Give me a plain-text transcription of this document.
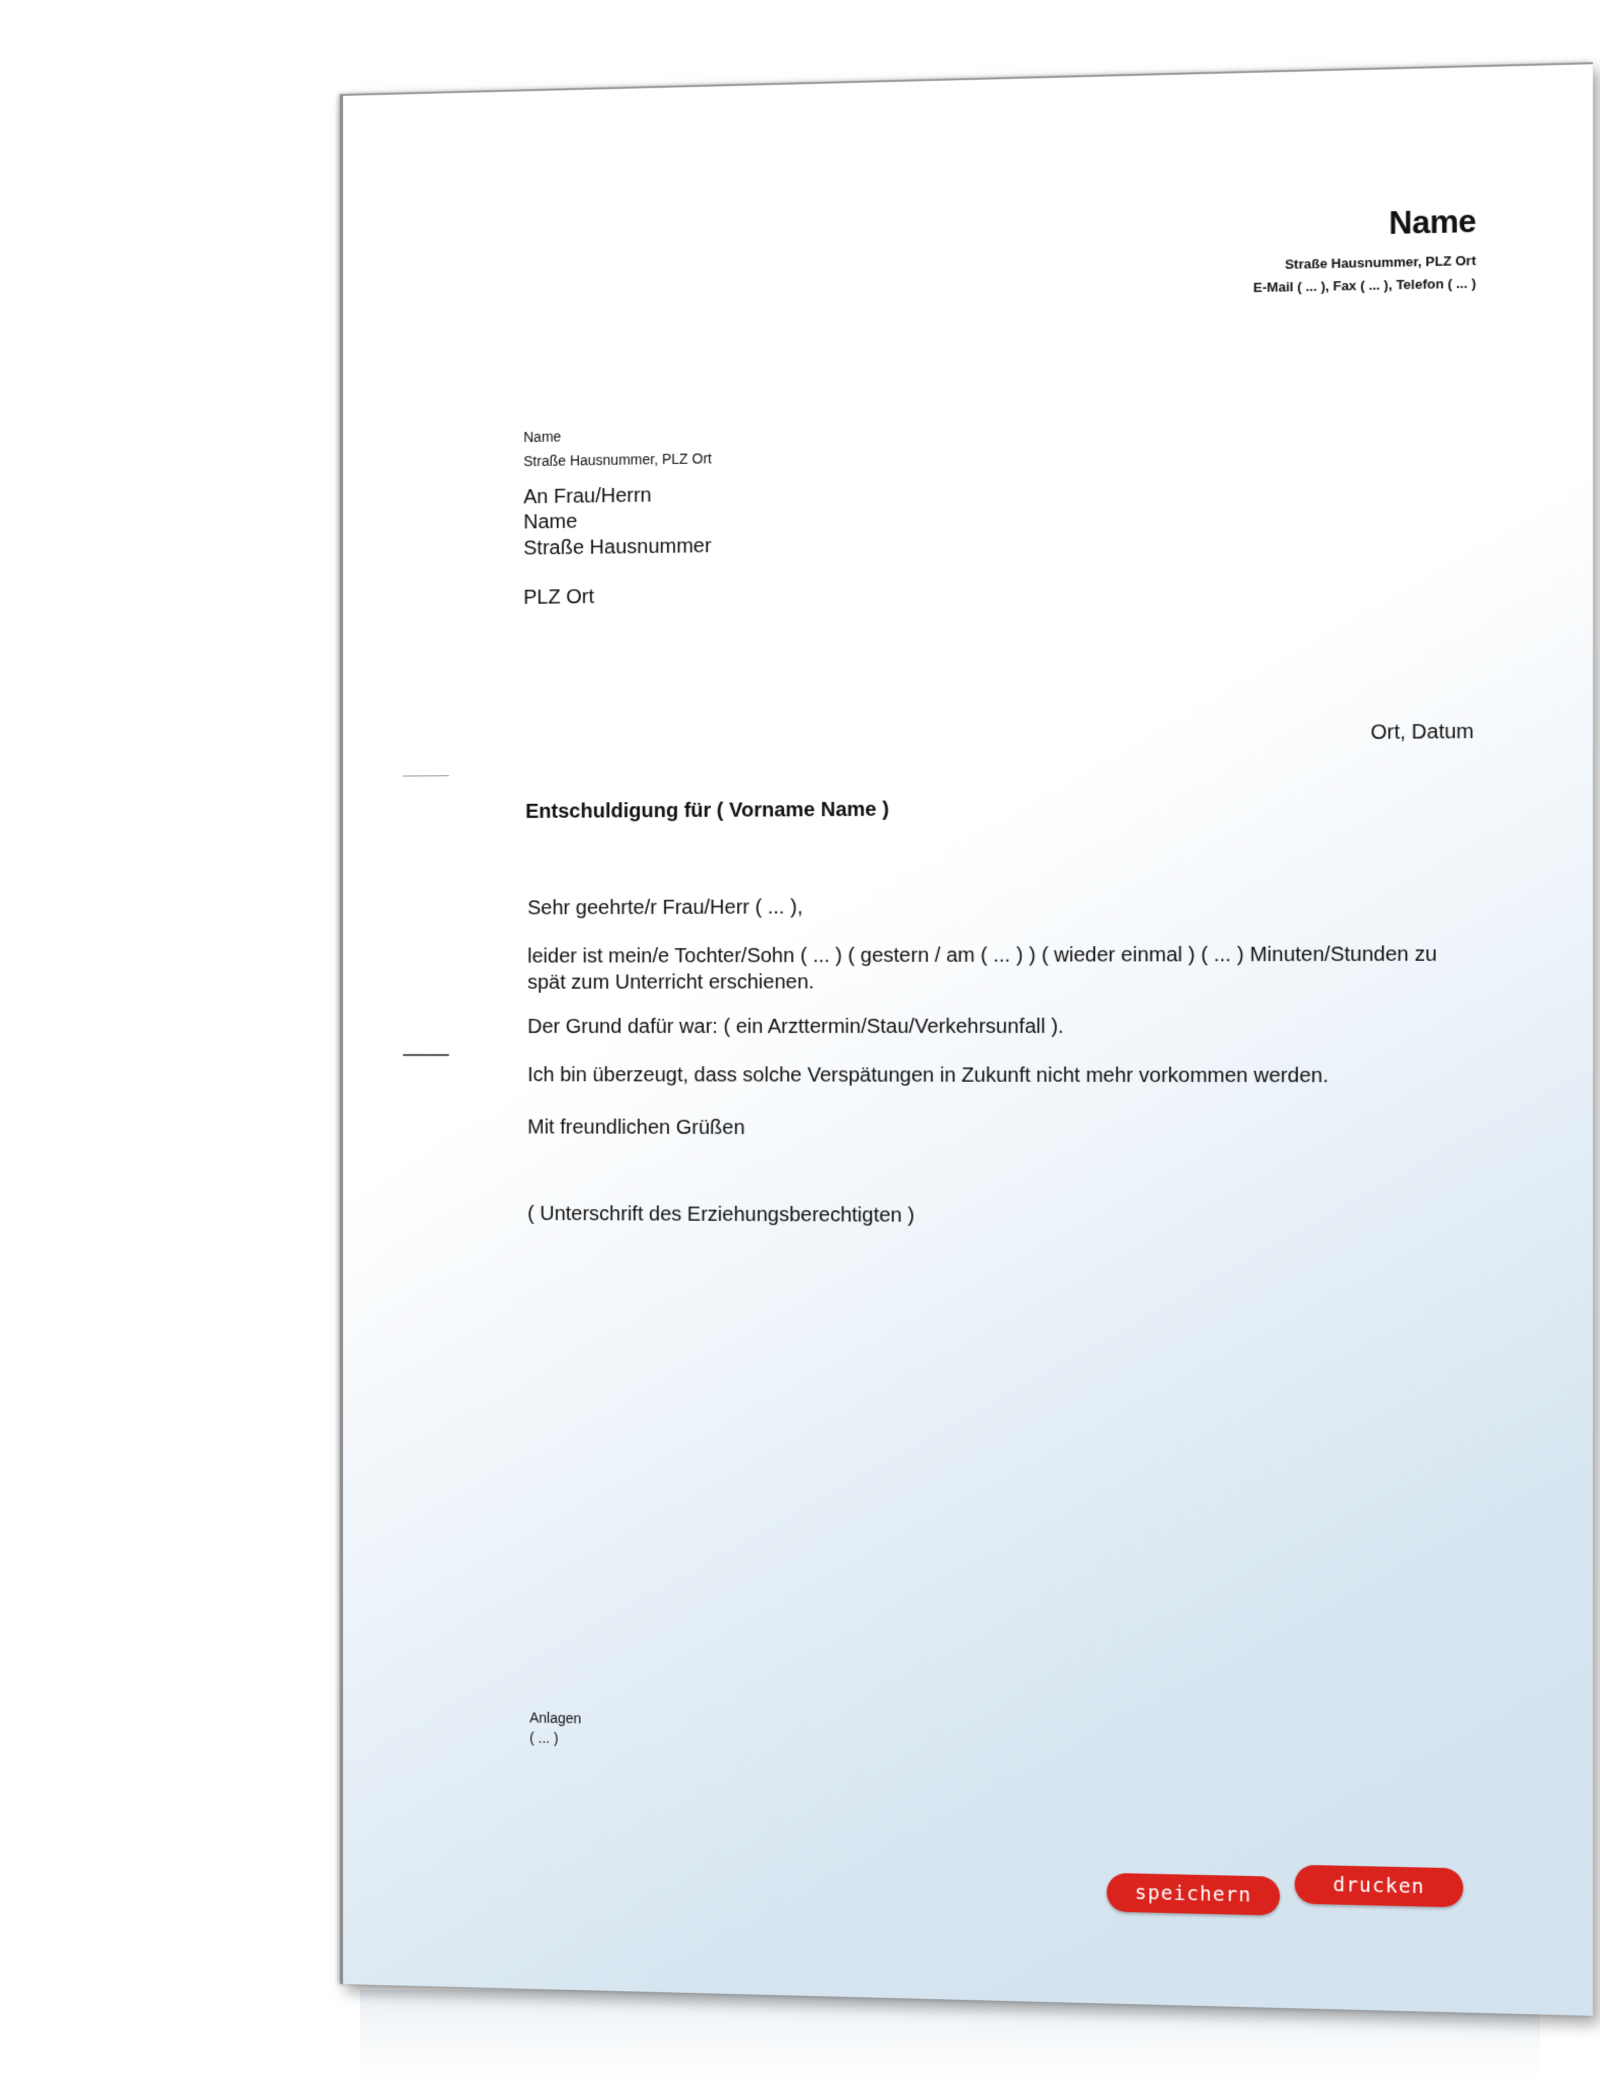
Name
Straße Hausnummer, PLZ Ort
E-Mail ( ... ), Fax ( ... ), Telefon ( ... )
Name
Straße Hausnummer, PLZ Ort
An Frau/Herrn
Name
Straße Hausnummer
PLZ Ort
Ort, Datum
Entschuldigung für ( Vorname Name )
Sehr geehrte/r Frau/Herr ( ... ),
leider ist mein/e Tochter/Sohn ( ... ) ( gestern / am ( ... ) ) ( wieder einmal ) ( ... ) Minuten/Stunden zu
spät zum Unterricht erschienen.
Der Grund dafür war: ( ein Arzttermin/Stau/Verkehrsunfall ).
Ich bin überzeugt, dass solche Verspätungen in Zukunft nicht mehr vorkommen werden.
Mit freundlichen Grüßen
( Unterschrift des Erziehungsberechtigten )
Anlagen
( ... )
speichern	drucken
